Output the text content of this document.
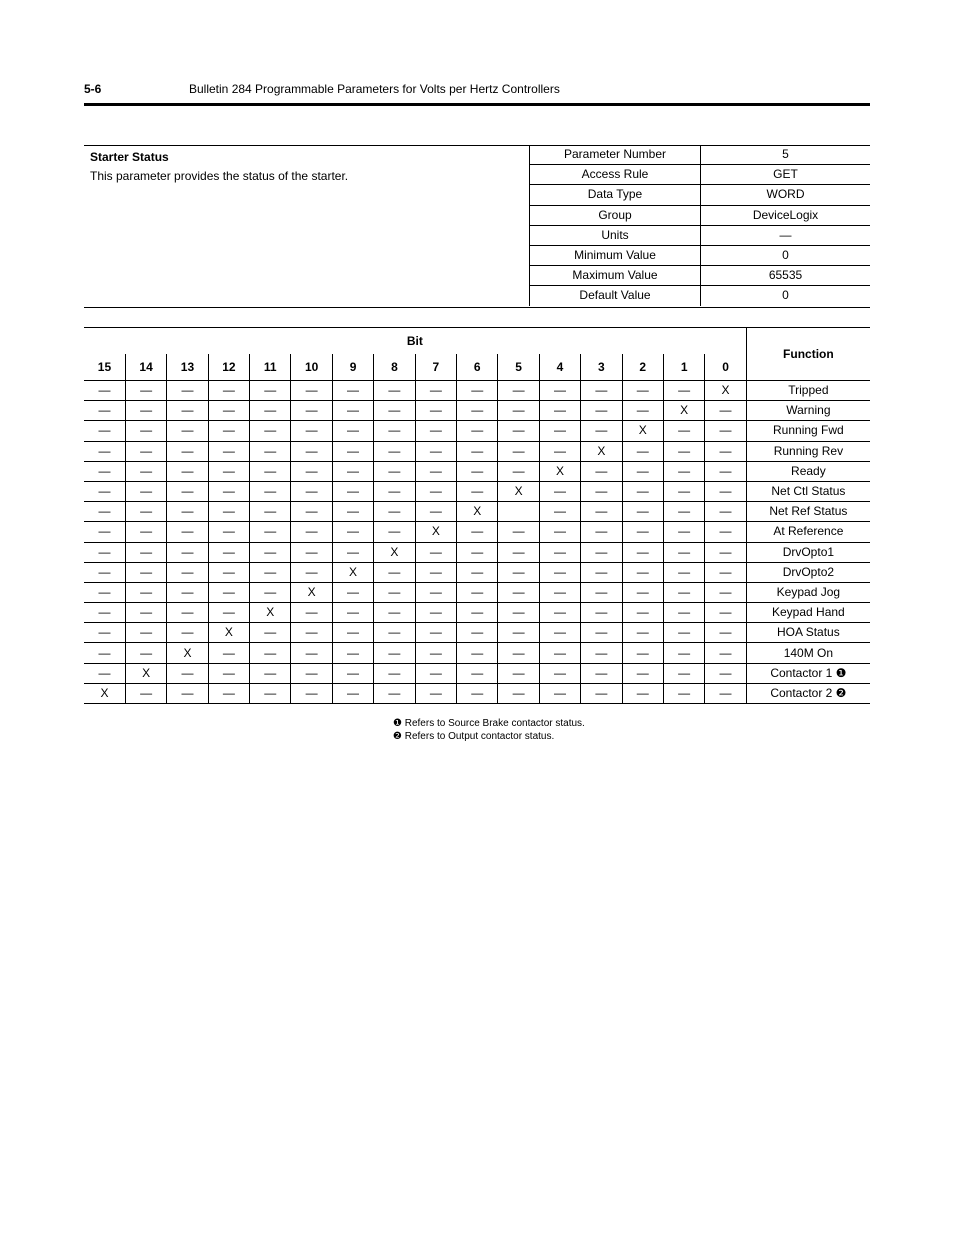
5-6	Bulletin 284 Programmable Parameters for Volts per Hertz Controllers
Starter Status
This parameter provides the status of the starter.
Parameter Number	5
Access Rule	GET
Data Type	WORD
Group	DeviceLogix
Units	—
Minimum Value	0
Maximum Value	65535
Default Value	0
Bit																Function
15	14	13	12	11	10	9	8	7	6	5	4	3	2	1	0	
—	—	—	—	—	—	—	—	—	—	—	—	—	—	—	X	Tripped
—	—	—	—	—	—	—	—	—	—	—	—	—	—	X	—	Warning
—	—	—	—	—	—	—	—	—	—	—	—	—	X	—	—	Running Fwd
—	—	—	—	—	—	—	—	—	—	—	—	X	—	—	—	Running Rev
—	—	—	—	—	—	—	—	—	—	—	X	—	—	—	—	Ready
—	—	—	—	—	—	—	—	—	—	X	—	—	—	—	—	Net Ctl Status
—	—	—	—	—	—	—	—	—	X		—	—	—	—	—	Net Ref Status
—	—	—	—	—	—	—	—	X	—	—	—	—	—	—	—	At Reference
—	—	—	—	—	—	—	X	—	—	—	—	—	—	—	—	DrvOpto1
—	—	—	—	—	—	X	—	—	—	—	—	—	—	—	—	DrvOpto2
—	—	—	—	—	X	—	—	—	—	—	—	—	—	—	—	Keypad Jog
—	—	—	—	X	—	—	—	—	—	—	—	—	—	—	—	Keypad Hand
—	—	—	X	—	—	—	—	—	—	—	—	—	—	—	—	HOA Status
—	—	X	—	—	—	—	—	—	—	—	—	—	—	—	—	140M On
—	X	—	—	—	—	—	—	—	—	—	—	—	—	—	—	Contactor 1 ❶
X	—	—	—	—	—	—	—	—	—	—	—	—	—	—	—	Contactor 2 ❷
❶ Refers to Source Brake contactor status.
❷ Refers to Output contactor status.
